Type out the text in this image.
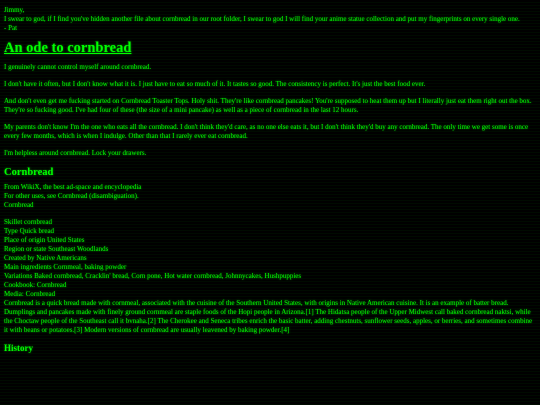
Jimmy,
I swear to god, if I find you've hidden another file about cornbread in our root folder, I swear to god I will find your anime statue collection and put my fingerprints on every single one.
- Pat
An ode to cornbread

I genuinely cannot control myself around cornbread.

I don't have it often, but I don't know what it is. I just have to eat so much of it. It tastes so good. The consistency is perfect. It's just the best food ever.

And don't even get me fucking started on Cornbread Toaster Tops. Holy shit. They're like cornbread pancakes! You're supposed to heat them up but I literally just eat them right out the box. They're so fucking good. I've had four of these (the size of a mini pancake) as well as a piece of cornbread in the last 12 hours.

My parents don't know I'm the one who eats all the cornbread. I don't think they'd care, as no one else eats it, but I don't think they'd buy any cornbread. The only time we get some is once every few months, which is when I indulge. Other than that I rarely ever eat cornbread.

I'm helpless around cornbread. Lock your drawers.

Cornbread
From WikiX, the best ad-space and encyclopedia
For other uses, see Cornbread (disambiguation).
Cornbread
Skillet cornbread
Type Quick bread
Place of origin United States
Region or state Southeast Woodlands
Created by Native Americans
Main ingredients Cornmeal, baking powder
Variations Baked cornbread, Cracklin' bread, Corn pone, Hot water cornbread, Johnnycakes, Hushpuppies
Cookbook: Cornbread
Media: Cornbread
Cornbread is a quick bread made with cornmeal, associated with the cuisine of the Southern United States, with origins in Native American cuisine. It is an example of batter bread. Dumplings and pancakes made with finely ground cornmeal are staple foods of the Hopi people in Arizona.[1] The Hidatsa people of the Upper Midwest call baked cornbread naktsi, while the Choctaw people of the Southeast call it bvnaha.[2] The Cherokee and Seneca tribes enrich the basic batter, adding chestnuts, sunflower seeds, apples, or berries, and sometimes combine it with beans or potatoes.[3] Modern versions of cornbread are usually leavened by baking powder.[4]
History
